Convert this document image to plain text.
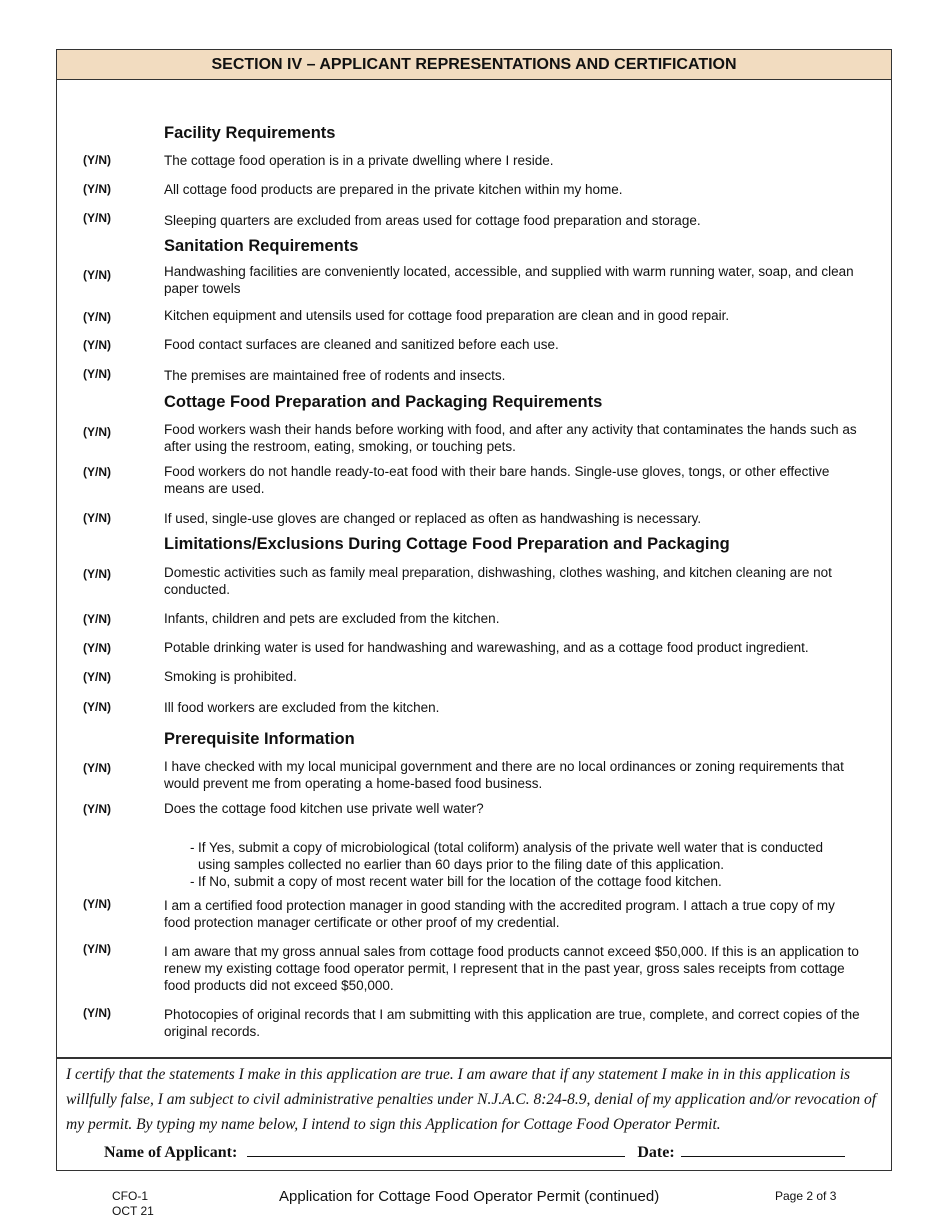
SECTION IV – APPLICANT REPRESENTATIONS AND CERTIFICATION
Facility Requirements
(Y/N)	The cottage food operation is in a private dwelling where I reside.
(Y/N)	All cottage food products are prepared in the private kitchen within my home.
(Y/N)	Sleeping quarters are excluded from areas used for cottage food preparation and storage.
Sanitation Requirements
(Y/N)	Handwashing facilities are conveniently located, accessible, and supplied with warm running water, soap, and clean paper towels
(Y/N)	Kitchen equipment and utensils used for cottage food preparation are clean and in good repair.
(Y/N)	Food contact surfaces are cleaned and sanitized before each use.
(Y/N)	The premises are maintained free of rodents and insects.
Cottage Food Preparation and Packaging Requirements
(Y/N)	Food workers wash their hands before working with food, and after any activity that contaminates the hands such as after using the restroom, eating, smoking, or touching pets.
(Y/N)	Food workers do not handle ready-to-eat food with their bare hands. Single-use gloves, tongs, or other effective means are used.
(Y/N)	If used, single-use gloves are changed or replaced as often as handwashing is necessary.
Limitations/Exclusions During Cottage Food Preparation and Packaging
(Y/N)	Domestic activities such as family meal preparation, dishwashing, clothes washing, and kitchen cleaning are not conducted.
(Y/N)	Infants, children and pets are excluded from the kitchen.
(Y/N)	Potable drinking water is used for handwashing and warewashing, and as a cottage food product ingredient.
(Y/N)	Smoking is prohibited.
(Y/N)	Ill food workers are excluded from the kitchen.
Prerequisite Information
(Y/N)	I have checked with my local municipal government and there are no local ordinances or zoning requirements that would prevent me from operating a home-based food business.
(Y/N)	Does the cottage food kitchen use private well water?
- If Yes, submit a copy of microbiological (total coliform) analysis of the private well water that is conducted
using samples collected no earlier than 60 days prior to the filing date of this application.
- If No, submit a copy of most recent water bill for the location of the cottage food kitchen.
(Y/N)	I am a certified food protection manager in good standing with the accredited program. I attach a true copy of my food protection manager certificate or other proof of my credential.
(Y/N)	I am aware that my gross annual sales from cottage food products cannot exceed $50,000. If this is an application to renew my existing cottage food operator permit, I represent that in the past year, gross sales receipts from cottage food products did not exceed $50,000.
(Y/N)	Photocopies of original records that I am submitting with this application are true, complete, and correct copies of the original records.
I certify that the statements I make in this application are true. I am aware that if any statement I make in in this application is willfully false, I am subject to civil administrative penalties under N.J.A.C. 8:24-8.9, denial of my application and/or revocation of my permit. By typing my name below, I intend to sign this Application for Cottage Food Operator Permit.
Name of Applicant:	Date:
CFO-1
OCT 21
Application for Cottage Food Operator Permit (continued)	Page 2 of 3
